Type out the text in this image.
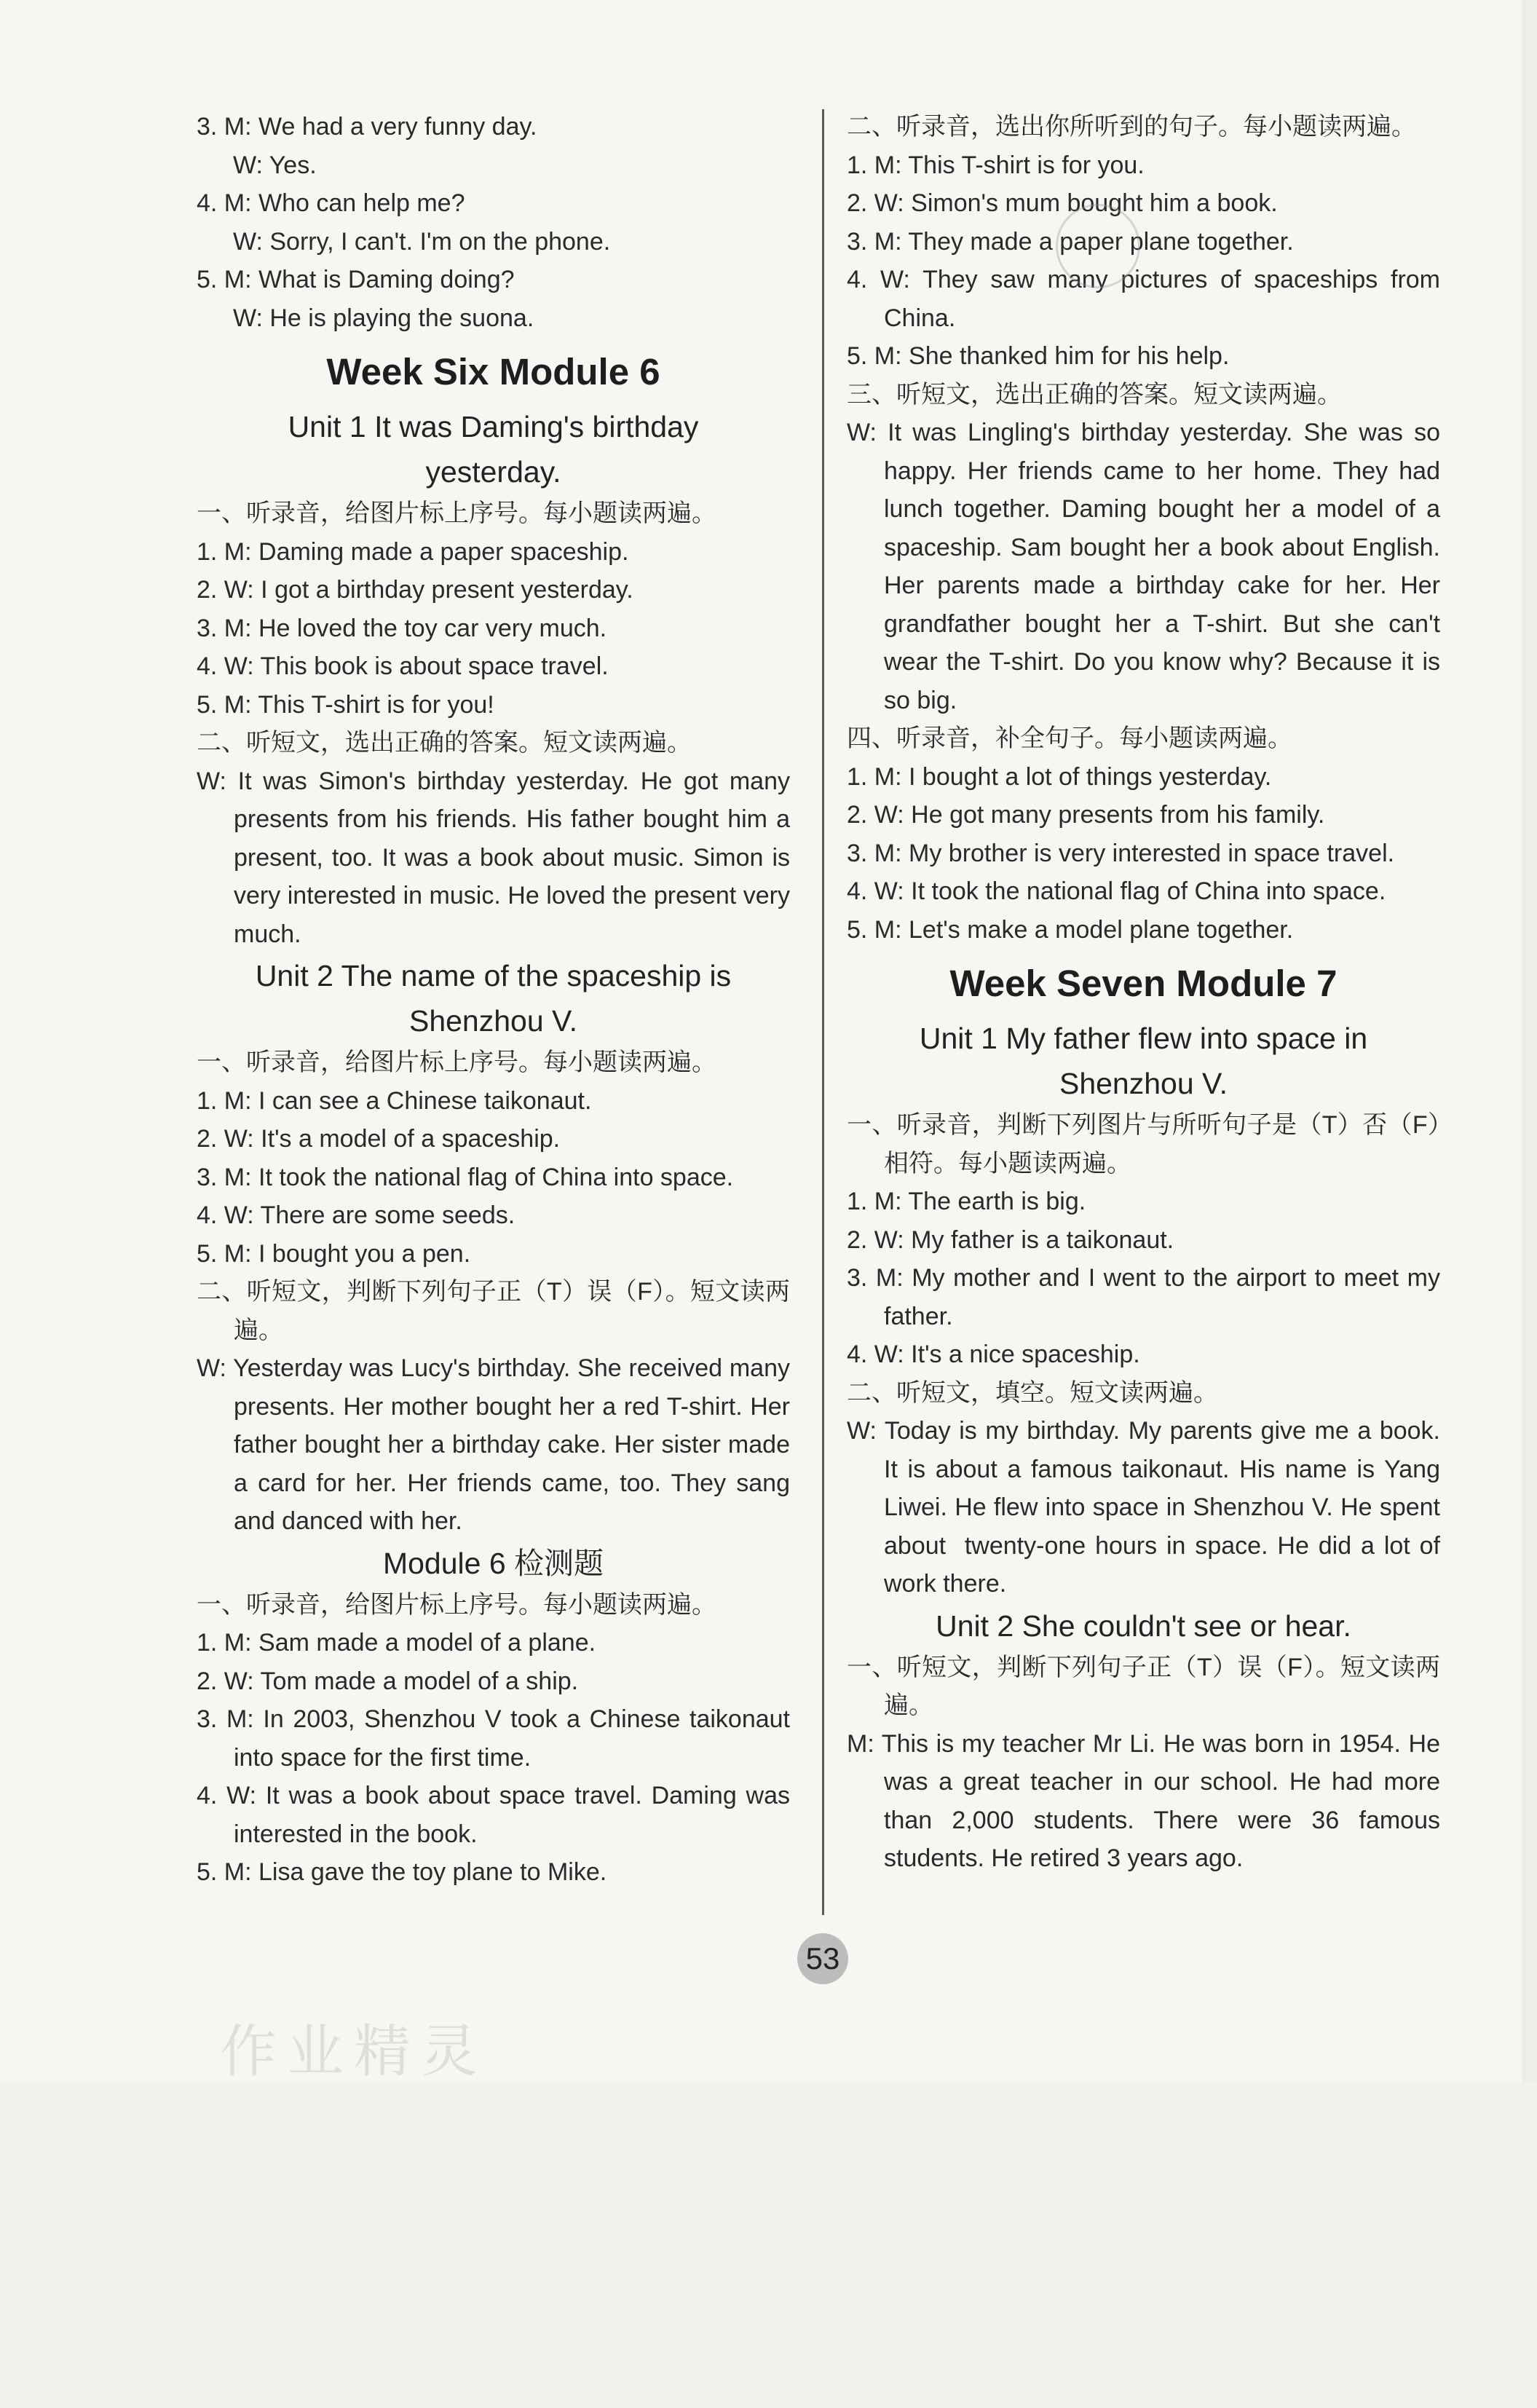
3. M: We had a very funny day.
W: Yes.
4. M: Who can help me?
W: Sorry, I can't. I'm on the phone.
5. M: What is Daming doing?
W: He is playing the suona.
Week Six Module 6
Unit 1 It was Daming's birthday
yesterday.
一、听录音，给图片标上序号。每小题读两遍。
1. M: Daming made a paper spaceship.
2. W: I got a birthday present yesterday.
3. M: He loved the toy car very much.
4. W: This book is about space travel.
5. M: This T-shirt is for you!
二、听短文，选出正确的答案。短文读两遍。
W: It was Simon's birthday yesterday. He got many presents from his friends. His father bought him a present, too. It was a book about music. Simon is very interested in music. He loved the present very much.
Unit 2 The name of the spaceship is
Shenzhou V.
一、听录音，给图片标上序号。每小题读两遍。
1. M: I can see a Chinese taikonaut.
2. W: It's a model of a spaceship.
3. M: It took the national flag of China into space.
4. W: There are some seeds.
5. M: I bought you a pen.
二、听短文，判断下列句子正（T）误（F）。短文读两遍。
W: Yesterday was Lucy's birthday. She received many presents. Her mother bought her a red T-shirt. Her father bought her a birthday cake. Her sister made a card for her. Her friends came, too. They sang and danced with her.
Module 6 检测题
一、听录音，给图片标上序号。每小题读两遍。
1. M: Sam made a model of a plane.
2. W: Tom made a model of a ship.
3. M: In 2003, Shenzhou V took a Chinese taikonaut into space for the first time.
4. W: It was a book about space travel. Daming was interested in the book.
5. M: Lisa gave the toy plane to Mike.
二、听录音，选出你所听到的句子。每小题读两遍。
1. M: This T-shirt is for you.
2. W: Simon's mum bought him a book.
3. M: They made a paper plane together.
4. W: They saw many pictures of spaceships from China.
5. M: She thanked him for his help.
三、听短文，选出正确的答案。短文读两遍。
W: It was Lingling's birthday yesterday. She was so happy. Her friends came to her home. They had lunch together. Daming bought her a model of a spaceship. Sam bought her a book about English. Her parents made a birthday cake for her. Her grandfather bought her a T-shirt. But she can't wear the T-shirt. Do you know why? Because it is so big.
四、听录音，补全句子。每小题读两遍。
1. M: I bought a lot of things yesterday.
2. W: He got many presents from his family.
3. M: My brother is very interested in space travel.
4. W: It took the national flag of China into space.
5. M: Let's make a model plane together.
Week Seven Module 7
Unit 1 My father flew into space in
Shenzhou V.
一、听录音，判断下列图片与所听句子是（T）否（F）相符。每小题读两遍。
1. M: The earth is big.
2. W: My father is a taikonaut.
3. M: My mother and I went to the airport to meet my father.
4. W: It's a nice spaceship.
二、听短文，填空。短文读两遍。
W: Today is my birthday. My parents give me a book. It is about a famous taikonaut. His name is Yang Liwei. He flew into space in Shenzhou V. He spent about  twenty-one hours in space. He did a lot of work there.
Unit 2 She couldn't see or hear.
一、听短文，判断下列句子正（T）误（F）。短文读两遍。
M: This is my teacher Mr Li. He was born in 1954. He was a great teacher in our school. He had more than 2,000 students. There were 36 famous students. He retired 3 years ago.
53
作业精灵
